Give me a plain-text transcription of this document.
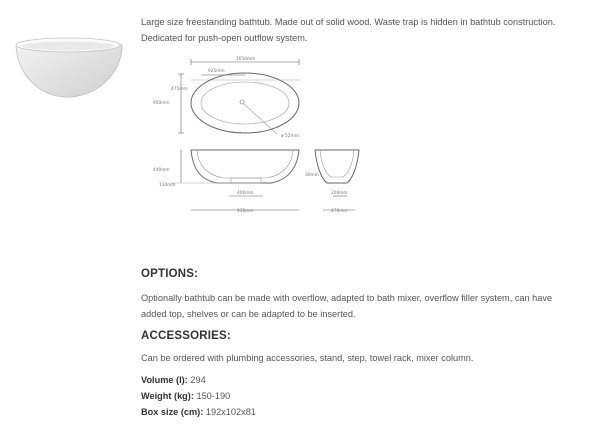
Large size freestanding bathtub. Made out of solid wood. Waste trap is hidden in bathtub construction. Dedicated for push-open outflow system.
1650mm
925mm
475mm
950mm
ø 52mm
440mm
130mm
400mm
930mm
30mm
200mm
470mm
OPTIONS:
Optionally bathtub can be made with overflow, adapted to bath mixer, overflow filler system, can have added top, shelves or can be adapted to be inserted.
ACCESSORIES:
Can be ordered with plumbing accessories, stand, step, towel rack, mixer column.
Volume (l): 294
Weight (kg): 150-190
Box size (cm): 192x102x81
